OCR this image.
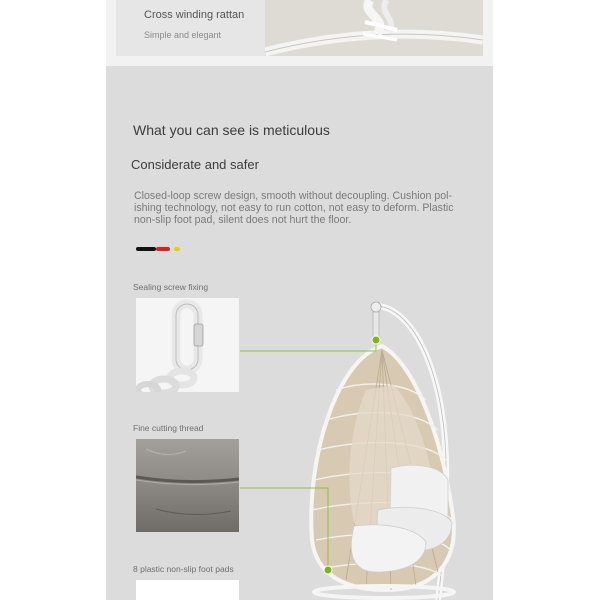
Cross winding rattan
Simple and elegant
What you can see is meticulous
Considerate and safer
Closed-loop screw design, smooth without decoupling. Cushion pol-ishing technology, not easy to run cotton, not easy to deform. Plastic non-slip foot pad, silent does not hurt the floor.
Sealing screw fixing
Fine cutting thread
8 plastic non-slip foot pads
